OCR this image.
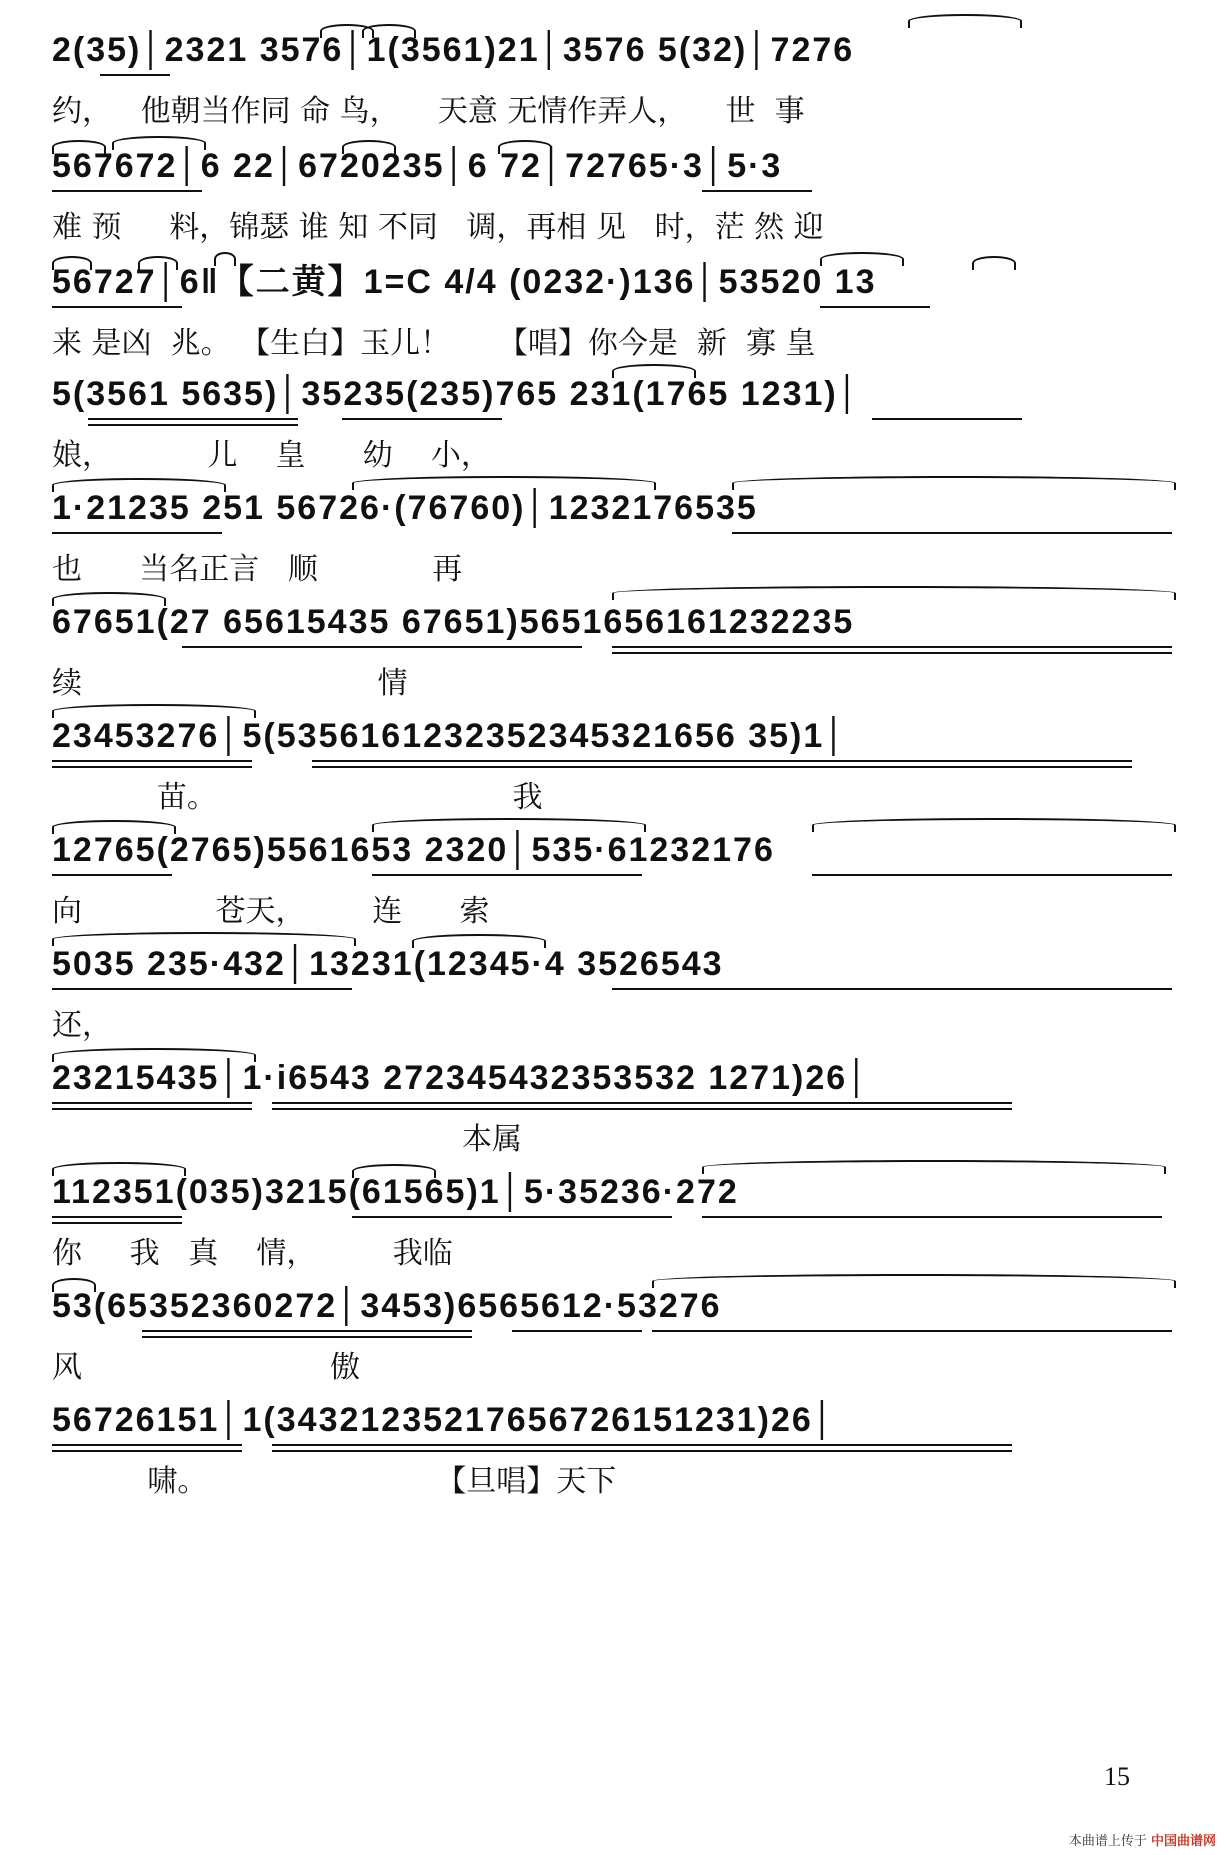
2(35)│2321 3576│1(3561)21│3576 5(32)│7276
约，   他朝当作同 命 鸟，    天意 无情作弄人，    世  事
567672│6 22│6720235│6 72│72765·3│5·3
难 预     料，锦瑟 谁 知 不同   调，再相 见   时，茫 然 迎
56727│6‖【二黄】1=C 4/4 (0232·)136│53520 13
来 是凶  兆。 【生白】玉儿！     【唱】你今是  新  寡 皇
5(3561 5635)│35235(235)765 231(1765 1231)│
娘，          儿    皇      幼    小，
1·21235 251 56726·(76760)│1232176535
也      当名正言   顺            再
67651(27 65615435 67651)5651656161232235
续                               情
23453276│5(5356161232352345321656 35)1│
苗。                               我
12765(2765)5561653 2320│535·61232176
向              苍天，       连      索
5035 235·432│13231(12345·4 3526543
还，
23215435│1·i6543 272345432353532 1271)26│
本属
112351(035)3215(61565)1│5·35236·272
你     我   真    情，        我临
53(65352360272│3453)6565612·53276
风                          傲
56726151│1(34321235217656726151231)26│
啸。                        【旦唱】天下
15
本曲谱上传于 中国曲谱网
